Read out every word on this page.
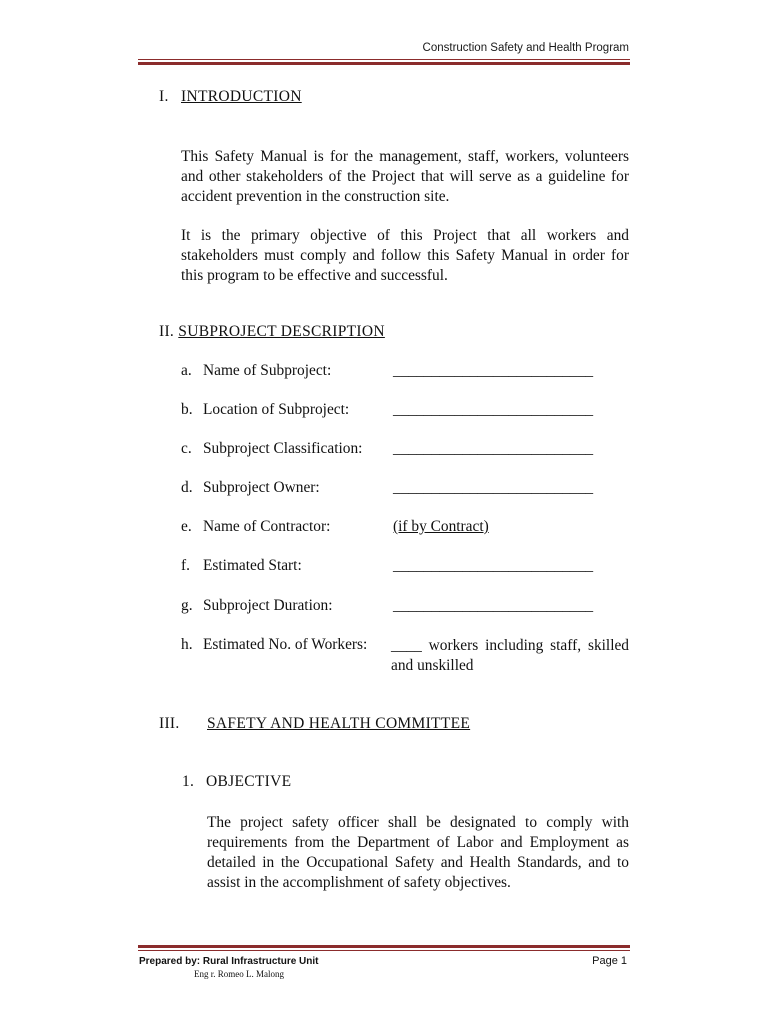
Construction Safety and Health Program
I. INTRODUCTION
This Safety Manual is for the management, staff, workers, volunteers and other stakeholders of the Project that will serve as a guideline for accident prevention in the construction site.
It is the primary objective of this Project that all workers and stakeholders must comply and follow this Safety Manual in order for this program to be effective and successful.
II. SUBPROJECT DESCRIPTION
a. Name of Subproject:	__________________________
b. Location of Subproject:	__________________________
c. Subproject Classification: __________________________
d. Subproject Owner:	__________________________
e. Name of Contractor:	(if by Contract)
f. Estimated Start:	__________________________
g. Subproject Duration:	__________________________
h. Estimated No. of Workers: ____ workers including staff, skilled and unskilled
III. SAFETY AND HEALTH COMMITTEE
1. OBJECTIVE
The project safety officer shall be designated to comply with requirements from the Department of Labor and Employment as detailed in the Occupational Safety and Health Standards, and to assist in the accomplishment of safety objectives.
Prepared by: Rural Infrastructure Unit
Eng r. Romeo L. Malong
Page 1
